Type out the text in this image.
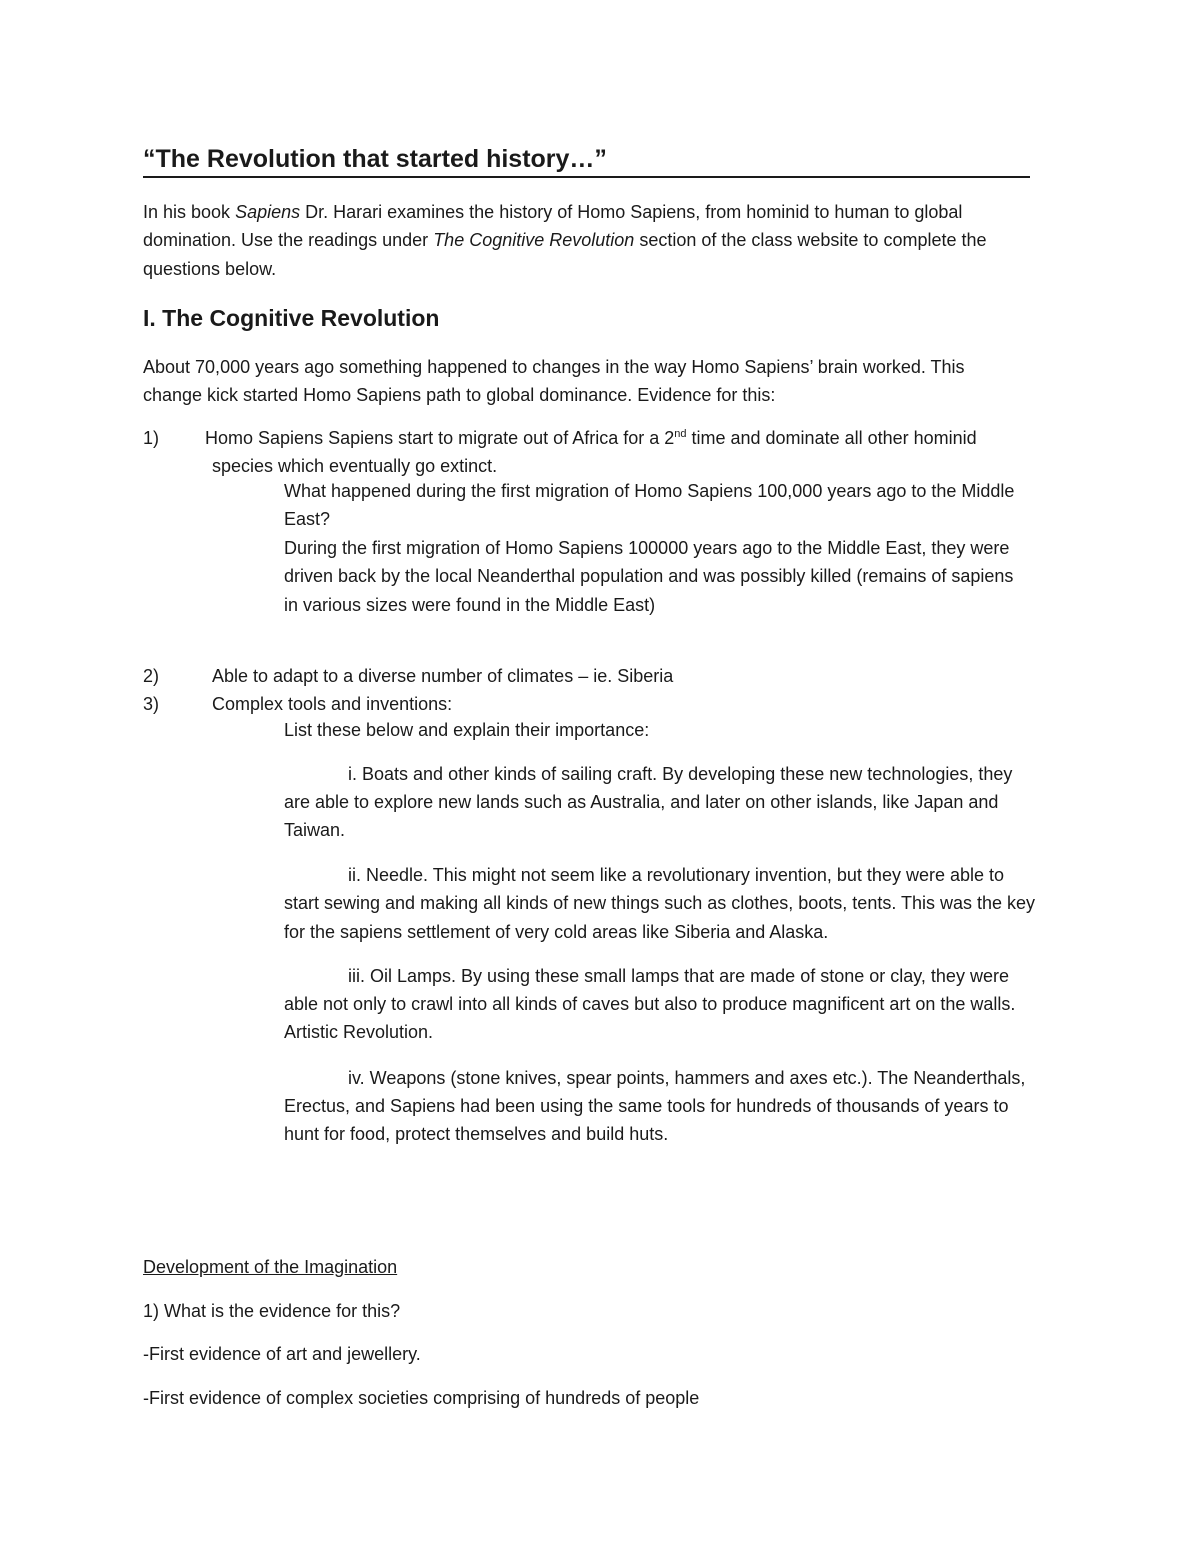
“The Revolution that started history…”
In his book Sapiens Dr. Harari examines the history of Homo Sapiens, from hominid to human to global
domination. Use the readings under The Cognitive Revolution section of the class website to complete the
questions below.
I. The Cognitive Revolution
About 70,000 years ago something happened to changes in the way Homo Sapiens’ brain worked. This
change kick started Homo Sapiens path to global dominance. Evidence for this:
1)	Homo Sapiens Sapiens start to migrate out of Africa for a 2nd time and dominate all other hominid
species which eventually go extinct.
What happened during the first migration of Homo Sapiens 100,000 years ago to the Middle
East?
During the first migration of Homo Sapiens 100000 years ago to the Middle East, they were
driven back by the local Neanderthal population and was possibly killed (remains of sapiens
in various sizes were found in the Middle East)
2)	Able to adapt to a diverse number of climates – ie. Siberia
3)	Complex tools and inventions:
List these below and explain their importance:
i. Boats and other kinds of sailing craft. By developing these new technologies, they
are able to explore new lands such as Australia, and later on other islands, like Japan and
Taiwan.
ii. Needle. This might not seem like a revolutionary invention, but they were able to
start sewing and making all kinds of new things such as clothes, boots, tents. This was the key
for the sapiens settlement of very cold areas like Siberia and Alaska.
iii. Oil Lamps. By using these small lamps that are made of stone or clay, they were
able not only to crawl into all kinds of caves but also to produce magnificent art on the walls.
Artistic Revolution.
iv. Weapons (stone knives, spear points, hammers and axes etc.). The Neanderthals,
Erectus, and Sapiens had been using the same tools for hundreds of thousands of years to
hunt for food, protect themselves and build huts.
Development of the Imagination
1) What is the evidence for this?
-First evidence of art and jewellery.
-First evidence of complex societies comprising of hundreds of people
